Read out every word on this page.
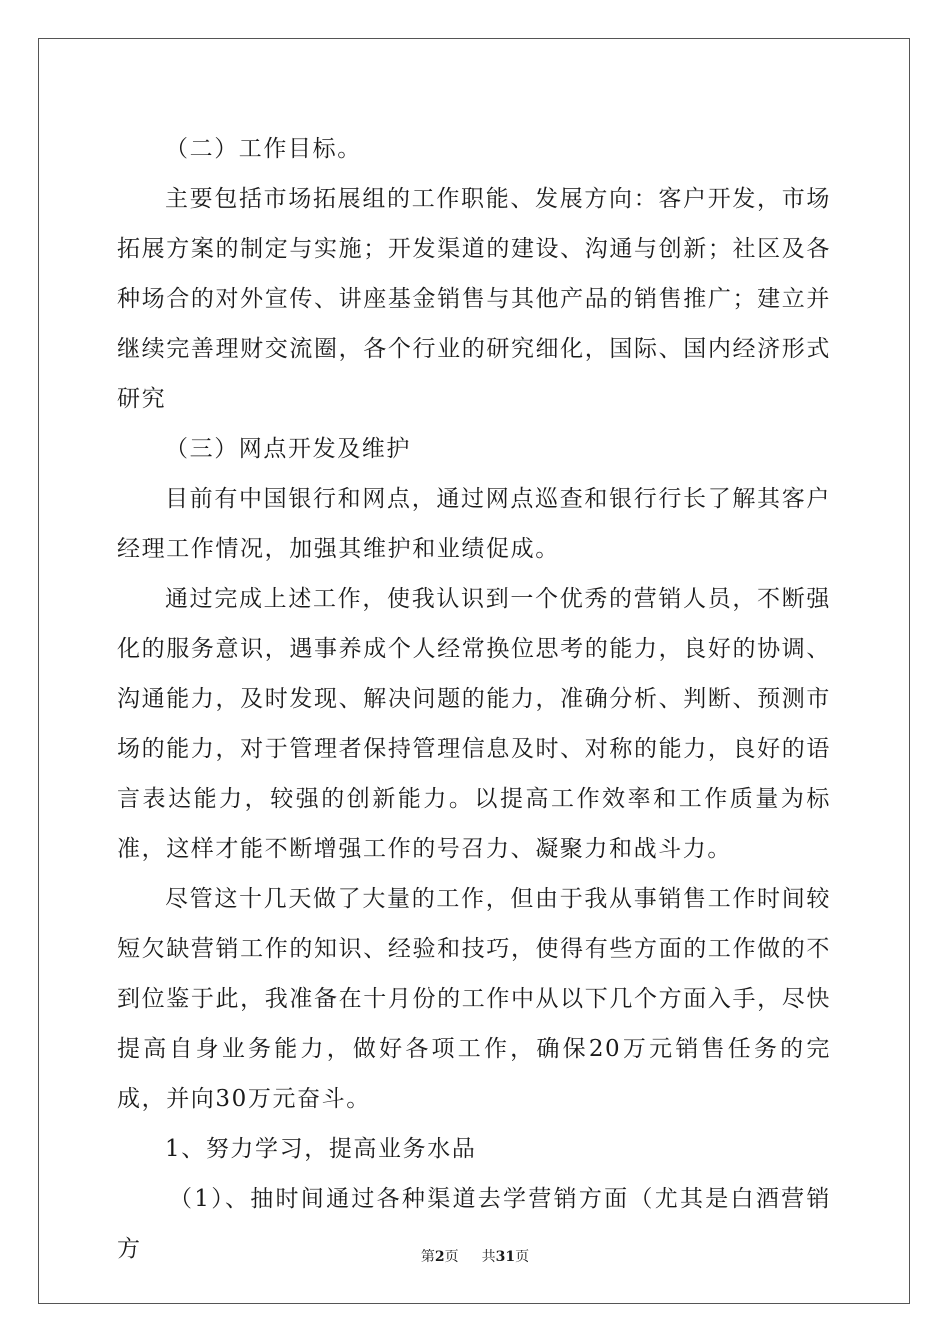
（二）工作目标。

主要包括市场拓展组的工作职能、发展方向：客户开发，市场拓展方案的制定与实施；开发渠道的建设、沟通与创新；社区及各种场合的对外宣传、讲座基金销售与其他产品的销售推广；建立并继续完善理财交流圈，各个行业的研究细化，国际、国内经济形式研究

（三）网点开发及维护

目前有中国银行和网点，通过网点巡查和银行行长了解其客户经理工作情况，加强其维护和业绩促成。

通过完成上述工作，使我认识到一个优秀的营销人员，不断强化的服务意识，遇事养成个人经常换位思考的能力，良好的协调、沟通能力，及时发现、解决问题的能力，准确分析、判断、预测市场的能力，对于管理者保持管理信息及时、对称的能力，良好的语言表达能力，较强的创新能力。以提高工作效率和工作质量为标准，这样才能不断增强工作的号召力、凝聚力和战斗力。

尽管这十几天做了大量的工作，但由于我从事销售工作时间较短欠缺营销工作的知识、经验和技巧，使得有些方面的工作做的不到位鉴于此，我准备在十月份的工作中从以下几个方面入手，尽快提高自身业务能力，做好各项工作，确保20万元销售任务的完成，并向30万元奋斗。

1、努力学习，提高业务水品

（1）、抽时间通过各种渠道去学营销方面（尤其是白酒营销方	第2页 共31页
